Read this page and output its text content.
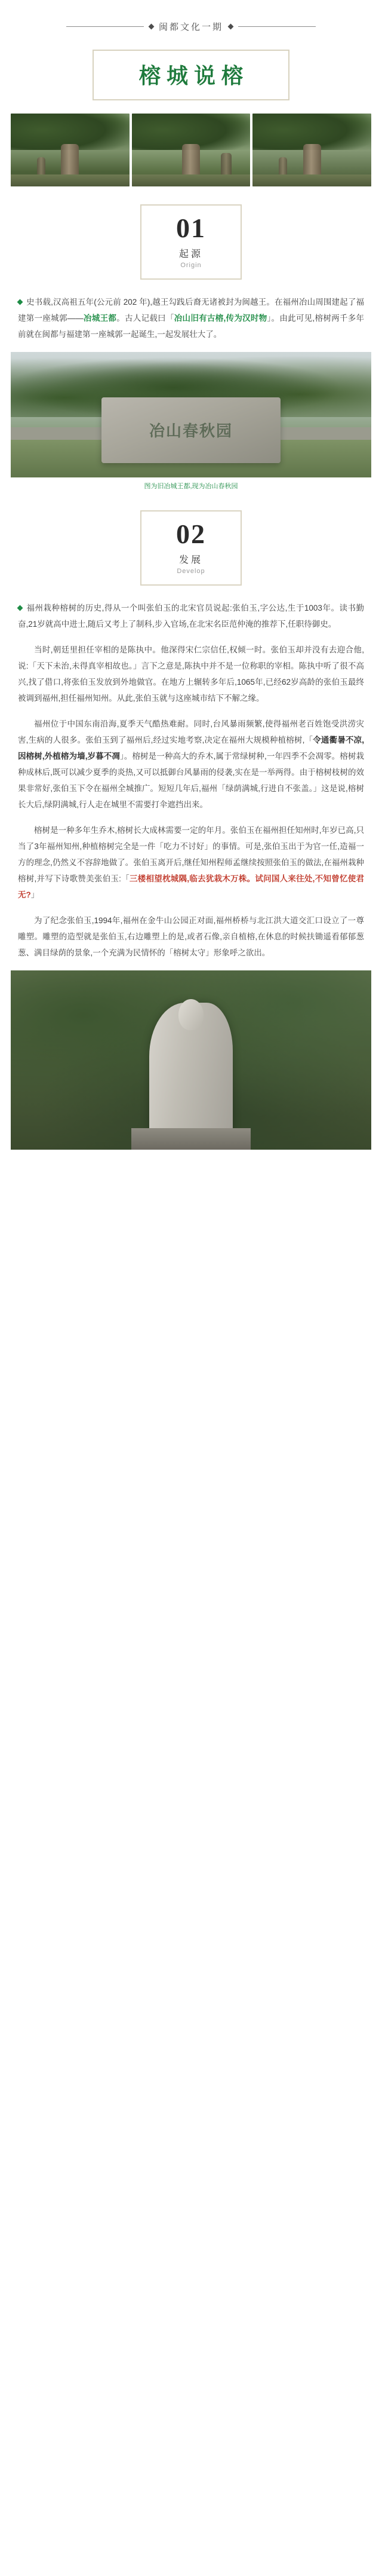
闽都文化一期
榕城说榕
01
起源
Origin

史书载,汉高祖五年(公元前 202 年),越王勾践后裔无诸被封为闽越王。在福州冶山周围建起了福建第一座城郭——冶城王都。古人记载曰「冶山旧有古榕,传为汉时物」。由此可见,榕树两千多年前就在闽都与福建第一座城郭一起诞生,一起发展壮大了。

冶山春秋园
图为旧冶城王都,现为冶山春秋园
02
发展
Develop

福州栽种榕树的历史,得从一个叫张伯玉的北宋官员说起:张伯玉,字公达,生于1003年。读书勤奋,21岁就高中进士,随后又考上了制科,步入官场,在北宋名臣范仲淹的推荐下,任职待御史。

当时,朝廷里担任宰相的是陈执中。他深得宋仁宗信任,权倾一时。张伯玉却并没有去迎合他,说:「天下未治,未得真宰相故也。」言下之意是,陈执中并不是一位称职的宰相。陈执中听了很不高兴,找了借口,将张伯玉发放到外地做官。在地方上辗转多年后,1065年,已经62岁高龄的张伯玉最终被调到福州,担任福州知州。从此,张伯玉就与这座城市结下不解之缘。

福州位于中国东南沿海,夏季天气酷热难耐。同时,台风暴雨频繁,使得福州老百姓饱受洪涝灾害,生病的人很多。张伯玉到了福州后,经过实地考察,决定在福州大规模种植榕树,「令通衢暑不凉,因榕树,外植榕为墙,岁暮不凋」。榕树是一种高大的乔木,属于常绿树种,一年四季不会凋零。榕树栽种成林后,既可以减少夏季的炎热,又可以抵御台风暴雨的侵袭,实在是一举两得。由于榕树枝树的效果非常好,张伯玉下令在福州全城推广。短短几年后,福州「绿荫满城,行进自不张盖。」这是说,榕树长大后,绿阴满城,行人走在城里不需要打伞遮挡出来。

榕树是一种多年生乔木,榕树长大成林需要一定的年月。张伯玉在福州担任知州时,年岁已高,只当了3年福州知州,种植榕树完全是一件「吃力不讨好」的事情。可是,张伯玉出于为官一任,造福一方的理念,仍然义不容辞地做了。张伯玉离开后,继任知州程师孟继续按照张伯玉的做法,在福州栽种榕树,并写下诗歌赞美张伯玉:「三楼相望枕城隅,临去犹栽木万株。试问国人来往处,不知曾忆使君无?」

为了纪念张伯玉,1994年,福州在金牛山公园正对面,福州桥桥与北江洪大道交汇口设立了一尊雕塑。雕塑的造型就是张伯玉,右边雕塑上的是,或者石像,亲自植榕,在休息的时候扶锄遥看郁郁葱葱、满目绿荫的景象,一个充满为民情怀的「榕树太守」形象呼之欲出。
